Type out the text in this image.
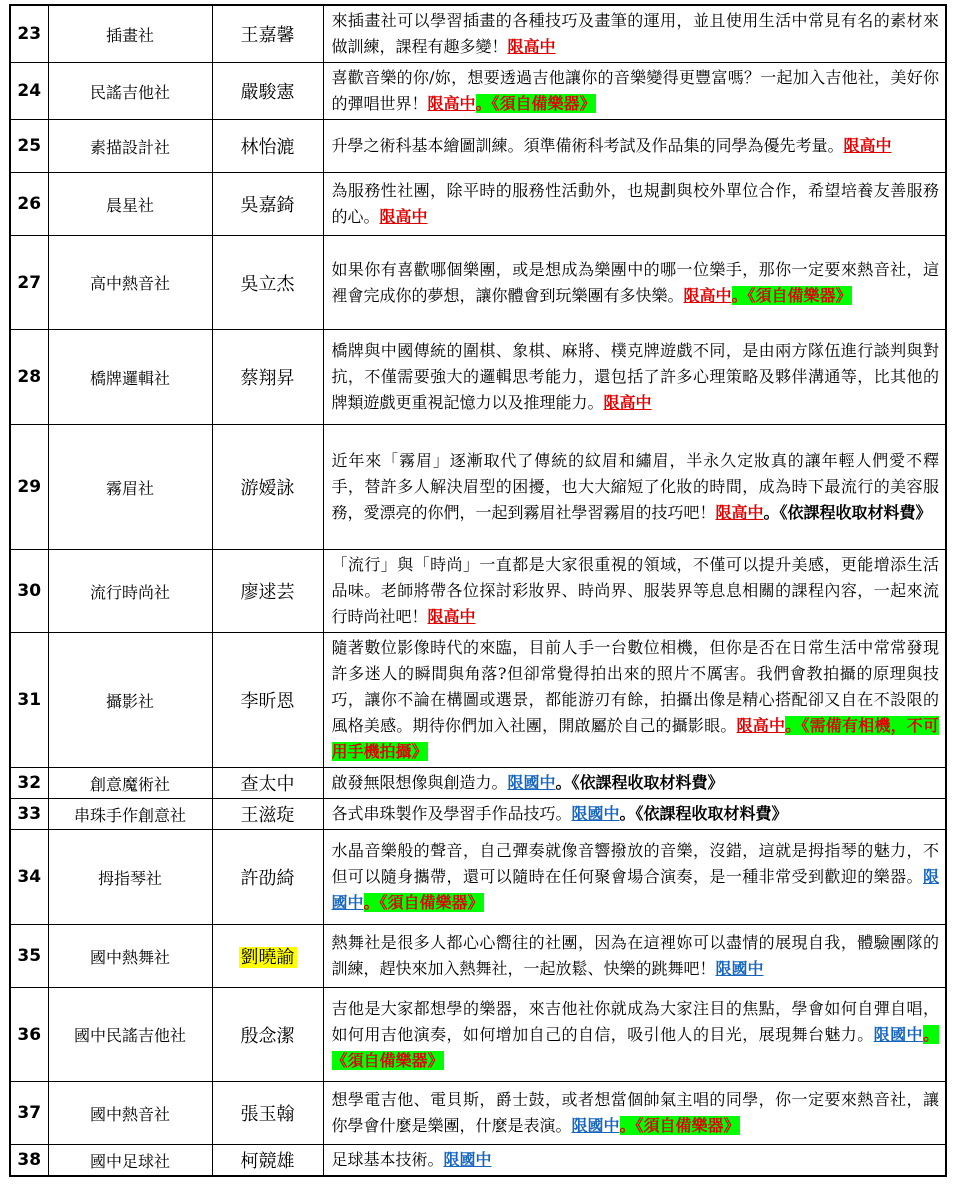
23	插畫社	王嘉馨	來插畫社可以學習插畫的各種技巧及畫筆的運用，並且使用生活中常見有名的素材來做訓練，課程有趣多變！限高中
24	民謠吉他社	嚴駿憲	喜歡音樂的你/妳，想要透過吉他讓你的音樂變得更豐富嗎？一起加入吉他社，美好你的彈唱世界！限高中。《須自備樂器》
25	素描設計社	林怡漉	升學之術科基本繪圖訓練。須準備術科考試及作品集的同學為優先考量。限高中
26	晨星社	吳嘉錡	為服務性社團，除平時的服務性活動外，也規劃與校外單位合作，希望培養友善服務的心。限高中
27	高中熱音社	吳立杰	如果你有喜歡哪個樂團，或是想成為樂團中的哪一位樂手，那你一定要來熱音社，這裡會完成你的夢想，讓你體會到玩樂團有多快樂。限高中。《須自備樂器》
28	橋牌邏輯社	蔡翔昇	橋牌與中國傳統的圍棋、象棋、麻將、樸克牌遊戲不同，是由兩方隊伍進行談判與對抗，不僅需要強大的邏輯思考能力，還包括了許多心理策略及夥伴溝通等，比其他的牌類遊戲更重視記憶力以及推理能力。限高中
29	霧眉社	游嫒詠	近年來「霧眉」逐漸取代了傳統的紋眉和繡眉，半永久定妝真的讓年輕人們愛不釋手，替許多人解決眉型的困擾，也大大縮短了化妝的時間，成為時下最流行的美容服務，愛漂亮的你們，一起到霧眉社學習霧眉的技巧吧！限高中。《依課程收取材料費》
30	流行時尚社	廖逑芸	「流行」與「時尚」一直都是大家很重視的領域，不僅可以提升美感，更能增添生活品味。老師將帶各位探討彩妝界、時尚界、服裝界等息息相關的課程內容，一起來流行時尚社吧！限高中
31	攝影社	李昕恩	隨著數位影像時代的來臨，目前人手一台數位相機，但你是否在日常生活中常常發現許多迷人的瞬間與角落?但卻常覺得拍出來的照片不厲害。我們會教拍攝的原理與技巧，讓你不論在構圖或選景，都能游刃有餘，拍攝出像是精心搭配卻又自在不設限的風格美感。期待你們加入社團，開啟屬於自己的攝影眼。限高中。《需備有相機，不可用手機拍攝》
32	創意魔術社	查太中	啟發無限想像與創造力。限國中。《依課程收取材料費》
33	串珠手作創意社	王滋琁	各式串珠製作及學習手作品技巧。限國中。《依課程收取材料費》
34	拇指琴社	許劭綺	水晶音樂般的聲音，自己彈奏就像音響撥放的音樂，沒錯，這就是拇指琴的魅力，不但可以隨身攜帶，還可以隨時在任何聚會場合演奏，是一種非常受到歡迎的樂器。限國中。《須自備樂器》
35	國中熱舞社	劉曉諭	熱舞社是很多人都心心嚮往的社團，因為在這裡妳可以盡情的展現自我，體驗團隊的訓練，趕快來加入熱舞社，一起放鬆、快樂的跳舞吧！限國中
36	國中民謠吉他社	殷念潔	吉他是大家都想學的樂器，來吉他社你就成為大家注目的焦點，學會如何自彈自唱，如何用吉他演奏，如何增加自己的自信，吸引他人的目光，展現舞台魅力。限國中。《須自備樂器》
37	國中熱音社	張玉翰	想學電吉他、電貝斯，爵士鼓，或者想當個帥氣主唱的同學，你一定要來熱音社，讓你學會什麼是樂團，什麼是表演。限國中。《須自備樂器》
38	國中足球社	柯競雄	足球基本技術。限國中
